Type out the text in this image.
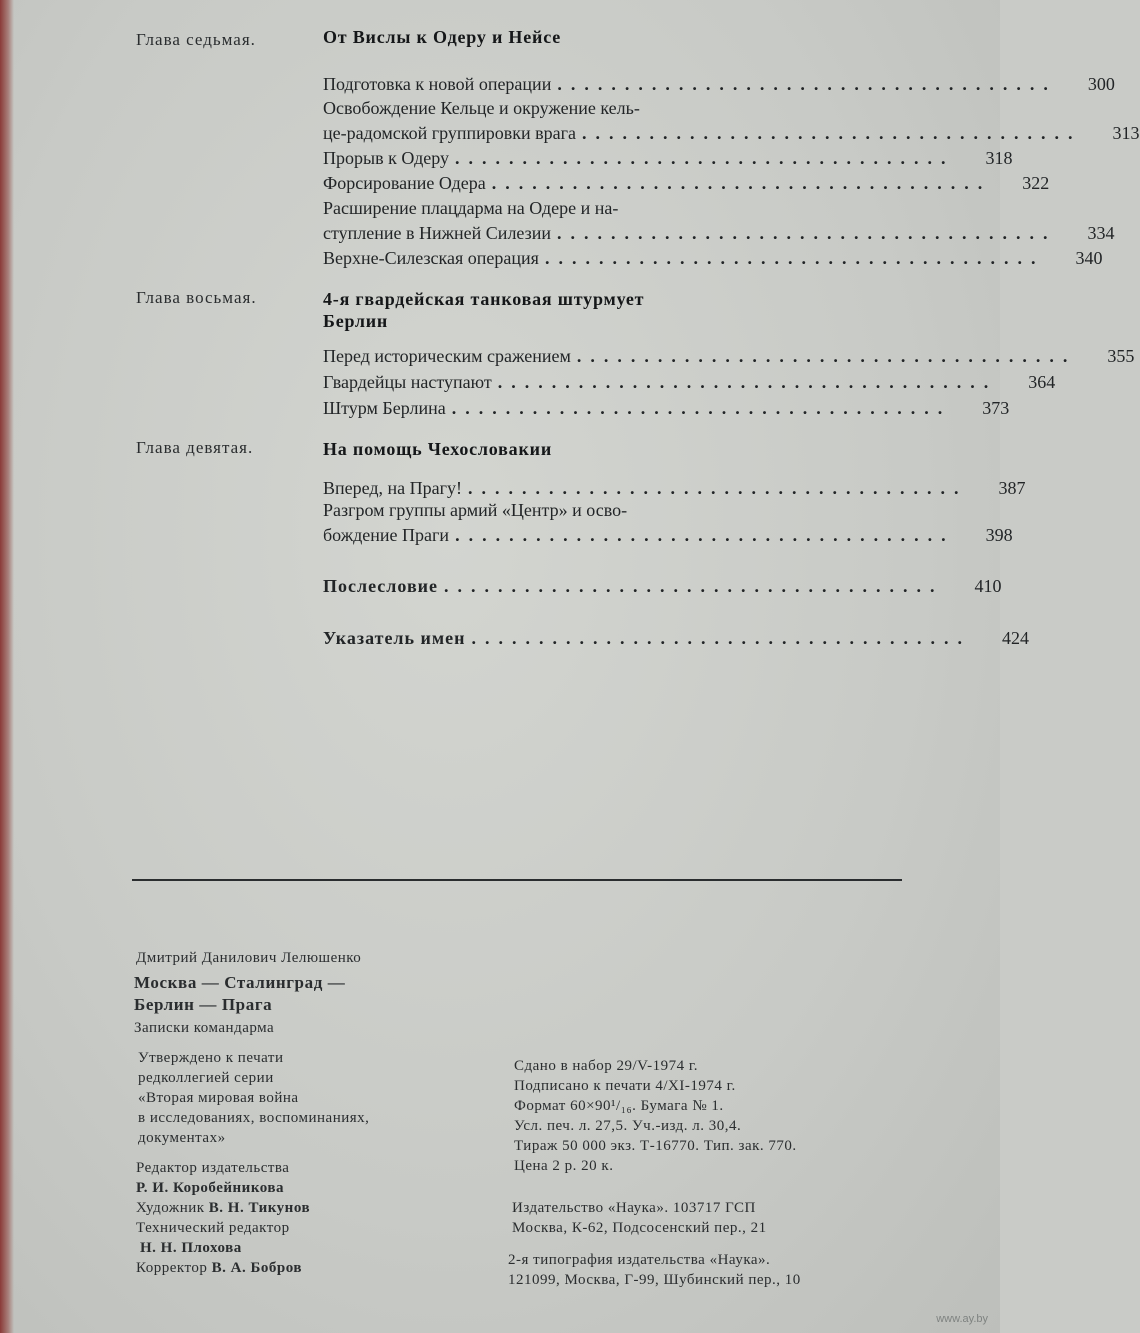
Глава седьмая.	От Вислы к Одеру и Нейсе
Подготовка к новой операции .....................................	300
Освобождение Кельце и окружение кель-
це-радомской группировки врага .....................................	313
Прорыв к Одеру .....................................	318
Форсирование Одера .....................................	322
Расширение плацдарма на Одере и на-
ступление в Нижней Силезии .....................................	334
Верхне-Силезская операция .....................................	340
Глава восьмая.	4-я гвардейская танковая штурмует
Берлин
Перед историческим сражением .....................................	355
Гвардейцы наступают .....................................	364
Штурм Берлина .....................................	373
Глава девятая.	На помощь Чехословакии
Вперед, на Прагу! .....................................	387
Разгром группы армий «Центр» и осво-
бождение Праги .....................................	398
Послесловие .....................................	410
Указатель имен .....................................	424
Дмитрий Данилович Лелюшенко
Москва — Сталинград —
Берлин — Прага
Записки командарма
Утверждено к печати
редколлегией серии
«Вторая мировая война
в исследованиях, воспоминаниях,
документах»
Редактор издательства
Р. И. Коробейникова
Художник В. Н. Тикунов
Технический редактор
Н. Н. Плохова
Корректор В. А. Бобров
Сдано в набор 29/V-1974 г.
Подписано к печати 4/XI-1974 г.
Формат 60×90¹/₁₆. Бумага № 1.
Усл. печ. л. 27,5. Уч.-изд. л. 30,4.
Тираж 50 000 экз. Т-16770. Тип. зак. 770.
Цена 2 р. 20 к.
Издательство «Наука». 103717 ГСП
Москва, К-62, Подсосенский пер., 21
2-я типография издательства «Наука».
121099, Москва, Г-99, Шубинский пер., 10
www.ay.by
